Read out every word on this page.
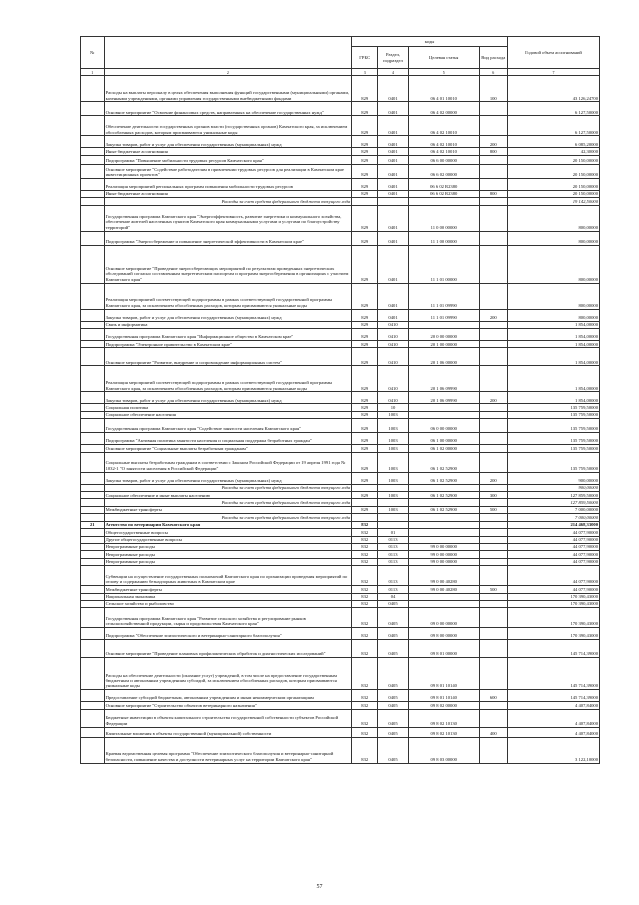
№		коды				Годовой объем ассигнований
		ГРБС	Раздел, подраздел	Целевая статья	Вид расхода	
1	2	3	4	5	6	7
	Расходы на выплаты персоналу в целях обеспечения выполнения функций государственными (муниципальными) органами, казенными учреждениями, органами управления государственными внебюджетными фондами	829	0401	06 4 01 10010	100	43 126,24700
	Основное мероприятие "Освоение финансовых средств, направленных на обеспечение государственных нужд"	829	0401	06 4 02 00000		6 127,50000
	Обеспечение деятельности государственных органов власти (государственных органов) Камчатского края, за исключением обособленных расходов, которым присваиваются уникальные коды	829	0401	06 4 02 10010		6 127,50000
	Закупка товаров, работ и услуг для обеспечения государственных (муниципальных) нужд	829	0401	06 4 02 10010	200	6 085,20000
	Иные бюджетные ассигнования	829	0401	06 4 02 10010	800	42,30000
	Подпрограмма "Повышение мобильности трудовых ресурсов Камчатского края"	829	0401	06 6 00 00000		20 150,00000
	Основное мероприятие "Содействие работодателям в привлечении трудовых ресурсов для реализации в Камчатском крае инвестиционных проектов"	829	0401	06 6 02 00000		20 150,00000
	Реализация мероприятий региональных программ повышения мобильности трудовых ресурсов	829	0401	06 6 02 R2380		20 150,00000
	Иные бюджетные ассигнования	829	0401	06 6 02 R2380	800	20 150,00000
	Расходы за счет средств федерального бюджета текущего года					19 142,50000
	Государственная программа Камчатского края "Энергоэффективность, развитие энергетики и коммунального хозяйства, обеспечение жителей населенных пунктов Камчатского края коммунальными услугами и услугами по благоустройству территорий"	829	0401	11 0 00 00000		800,00000
	Подпрограмма "Энергосбережение и повышение энергетической эффективности в Камчатском крае"	829	0401	11 1 00 00000		800,00000
	Основное мероприятие "Проведение энергосберегающих мероприятий по результатам проведенных энергетических обследований согласно составленным энергетическим паспортам и программ энергосбережения в организациях с участием Камчатского края"	829	0401	11 1 01 00000		800,00000
	Реализация мероприятий соответствующей подпрограммы в рамках соответствующей государственной программы Камчатского края, за исключением обособленных расходов, которым присваиваются уникальные коды	829	0401	11 1 01 09990		800,00000
	Закупка товаров, работ и услуг для обеспечения государственных (муниципальных) нужд	829	0401	11 1 01 09990	200	800,00000
	Связь и информатика	829	0410			1 854,00000
	Государственная программа Камчатского края "Информационное общество в Камчатском крае"	829	0410	20 0 00 00000		1 854,00000
	Подпрограмма "Электронное правительство в Камчатском крае"	829	0410	20 1 00 00000		1 854,00000
	Основное мероприятие "Развитие, внедрение и сопровождение информационных систем"	829	0410	20 1 06 00000		1 854,00000
	Реализация мероприятий соответствующей подпрограммы в рамках соответствующей государственной программы Камчатского края, за исключением обособленных расходов, которым присваиваются уникальные коды	829	0410	20 1 06 09990		1 854,00000
	Закупка товаров, работ и услуг для обеспечения государственных (муниципальных) нужд	829	0410	20 1 06 09990	200	1 854,00000
	Социальная политика	829	10			135 759,50000
	Социальное обеспечение населения	829	1003			135 759,50000
	Государственная программа Камчатского края "Содействие занятости населения Камчатского края"	829	1003	06 0 00 00000		135 759,50000
	Подпрограмма "Активная политика занятости населения и социальная поддержка безработных граждан"	829	1003	06 1 00 00000		135 759,50000
	Основное мероприятие "Социальные выплаты безработным гражданам"	829	1003	06 1 02 00000		135 759,50000
	Социальные выплаты безработным гражданам в соответствии с Законом Российской Федерации от 19 апреля 1991 года № 1032-1 "О занятости населения в Российской Федерации"	829	1003	06 1 02 52900		135 759,50000
	Закупка товаров, работ и услуг для обеспечения государственных (муниципальных) нужд	829	1003	06 1 02 52900	200	900,00000
	Расходы за счет средств федерального бюджета текущего года					900,00000
	Социальное обеспечение и иные выплаты населению	829	1003	06 1 02 52900	300	127 859,50000
	Расходы за счет средств федерального бюджета текущего года					127 859,50000
	Межбюджетные трансферты	829	1003	06 1 02 52900	500	7 000,00000
	Расходы за счет средств федерального бюджета текущего года					7 000,00000
21	Агентство по ветеринарии Камчатского края	832				214 468,33000
	Общегосударственные вопросы	832	01			44 077,90000
	Другие общегосударственные вопросы	832	0113			44 077,90000
	Непрограммные расходы	832	0113	99 0 00 00000		44 077,90000
	Непрограммные расходы	832	0113	99 0 00 00000		44 077,90000
	Непрограммные расходы	832	0113	99 0 00 00000		44 077,90000
	Субвенции на осуществление государственных полномочий Камчатского края по организации проведения мероприятий по отлову и содержанию безнадзорных животных в Камчатском крае	832	0113	99 0 00 40280		44 077,90000
	Межбюджетные трансферты	832	0113	99 0 00 40280	500	44 077,90000
	Национальная экономика	832	04			170 390,43000
	Сельское хозяйство и рыболовство	832	0405			170 390,43000
	Государственная программа Камчатского края "Развитие сельского хозяйства и регулирование рынков сельскохозяйственной продукции, сырья и продовольствия Камчатского края"	832	0405	09 0 00 00000		170 390,43000
	Подпрограмма "Обеспечение эпизоотического и ветеринарно-санитарного благополучия"	832	0405	09 8 00 00000		170 390,43000
	Основное мероприятие "Проведение плановых профилактических обработок и диагностических исследований"	832	0405	09 8 01 00000		145 714,39000
	Расходы на обеспечение деятельности (оказание услуг) учреждений, в том числе на предоставление государственным бюджетным и автономным учреждениям субсидий, за исключением обособленных расходов, которым присваиваются уникальные коды	832	0405	09 8 01 10140		145 714,39000
	Предоставление субсидий бюджетным, автономным учреждениям и иным некоммерческим организациям	832	0405	09 8 01 10140	600	145 714,39000
	Основное мероприятие "Строительство объектов ветеринарного назначения"	832	0405	09 8 02 00000		4 407,84000
	Бюджетные инвестиции в объекты капитального строительства государственной собственности субъектов Российской Федерации	832	0405	09 8 02 10130		4 407,84000
	Капитальные вложения в объекты государственной (муниципальной) собственности	832	0405	09 8 02 10130	400	4 407,84000
	Краевая ведомственная целевая программа "Обеспечение эпизоотического благополучия и ветеринарно-санитарной безопасности, повышение качества и доступности ветеринарных услуг на территории Камчатского края"	832	0405	09 8 03 00000		3 122,10000
57
